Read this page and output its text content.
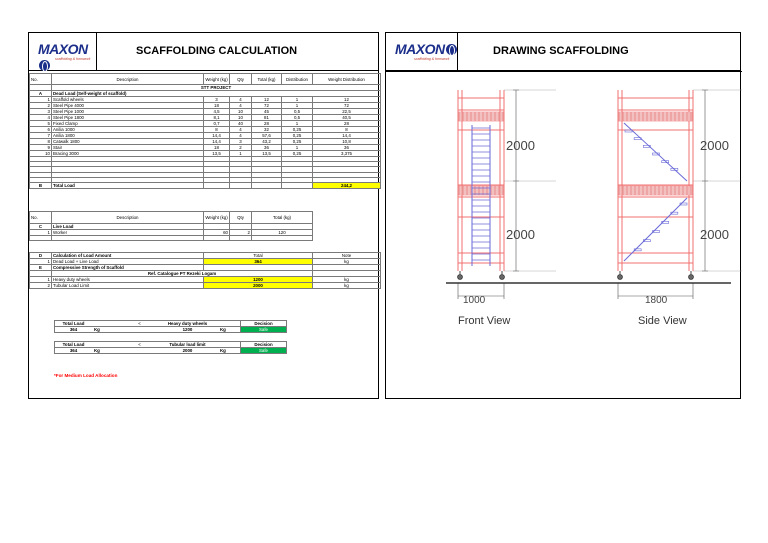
MAXON
scaffolding & formwork
SCAFFOLDING CALCULATION
No.	Description	Weight (kg)	Qty	Total (kg)	Distribution	Weight Distribution
	STT PROJECT					
A	Dead Load (Self-weight of scaffold)					
1	Scaffold wheels	3	4	12	1	12
2	Steel Pipe 4000	18	4	72	1	72
3	Steel Pipe 1000	4,5	10	45	0,5	22,5
4	Steel Pipe 1800	8,1	10	81	0,5	40,5
5	Fixed Clamp	0,7	40	28	1	28
6	Anilia 1000	8	4	32	0,25	8
7	Anilia 1800	14,4	4	57,6	0,25	14,4
8	Catwalk 1800	14,4	3	43,2	0,25	10,8
9	Stair	18	2	36	1	36
10	Bracing 3000	13,5	1	13,5	0,25	3,375

B	Total Load					244,2
No.	Description	Weight (kg)	Qty	Total (kg)	
C	Live Load				
1	Worker	60	2	120	

D	Calculation of Load Amount	Total	Note
1	Dead Load + Live Load	364	kg
E	Compressive Strength of Scaffold		
	Ref. Catalogue PT Rezeki Logam		
1	Heavy duty wheels	1200	kg
2	Tubular Load Limit	2000	kg
Total Load		<	Heavy duty wheels		Decision
364	Kg		1200	Kg	Safe
Total Load		<	Tubular load limit		Decision
364	Kg		2000	Kg	Safe
*For Medium Load Allocation
MAXON
scaffolding & formwork
DRAWING SCAFFOLDING
2000
2000
2000
2000
1000	1800
Front View	Side View
